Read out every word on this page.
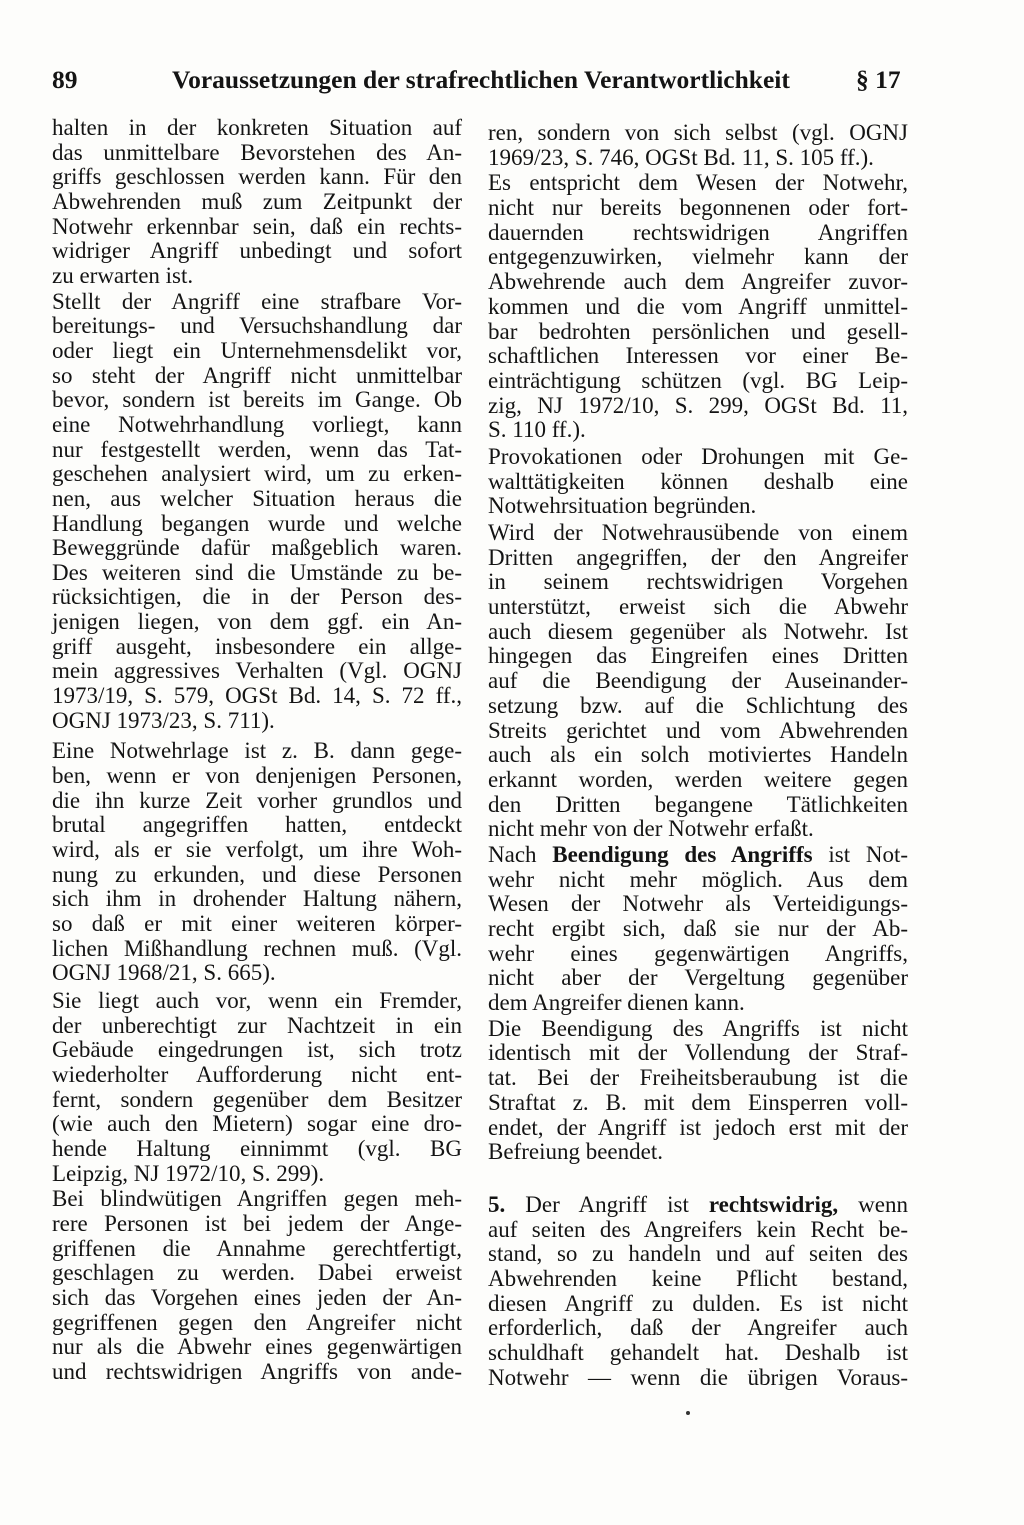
89	Voraussetzungen der strafrechtlichen Verantwortlichkeit	§ 17
halten in der konkreten Situation auf
das unmittelbare Bevorstehen des An-
griffs geschlossen werden kann. Für den
Abwehrenden muß zum Zeitpunkt der
Notwehr erkennbar sein, daß ein rechts-
widriger Angriff unbedingt und sofort
zu erwarten ist.
Stellt der Angriff eine strafbare Vor-
bereitungs- und Versuchshandlung dar
oder liegt ein Unternehmensdelikt vor,
so steht der Angriff nicht unmittelbar
bevor, sondern ist bereits im Gange. Ob
eine Notwehrhandlung vorliegt, kann
nur festgestellt werden, wenn das Tat-
geschehen analysiert wird, um zu erken-
nen, aus welcher Situation heraus die
Handlung begangen wurde und welche
Beweggründe dafür maßgeblich waren.
Des weiteren sind die Umstände zu be-
rücksichtigen, die in der Person des-
jenigen liegen, von dem ggf. ein An-
griff ausgeht, insbesondere ein allge-
mein aggressives Verhalten (Vgl. OGNJ
1973/19, S. 579, OGSt Bd. 14, S. 72 ff.,
OGNJ 1973/23, S. 711).
Eine Notwehrlage ist z. B. dann gege-
ben, wenn er von denjenigen Personen,
die ihn kurze Zeit vorher grundlos und
brutal angegriffen hatten, entdeckt
wird, als er sie verfolgt, um ihre Woh-
nung zu erkunden, und diese Personen
sich ihm in drohender Haltung nähern,
so daß er mit einer weiteren körper-
lichen Mißhandlung rechnen muß. (Vgl.
OGNJ 1968/21, S. 665).
Sie liegt auch vor, wenn ein Fremder,
der unberechtigt zur Nachtzeit in ein
Gebäude eingedrungen ist, sich trotz
wiederholter Aufforderung nicht ent-
fernt, sondern gegenüber dem Besitzer
(wie auch den Mietern) sogar eine dro-
hende Haltung einnimmt (vgl. BG
Leipzig, NJ 1972/10, S. 299).
Bei blindwütigen Angriffen gegen meh-
rere Personen ist bei jedem der Ange-
griffenen die Annahme gerechtfertigt,
geschlagen zu werden. Dabei erweist
sich das Vorgehen eines jeden der An-
gegriffenen gegen den Angreifer nicht
nur als die Abwehr eines gegenwärtigen
und rechtswidrigen Angriffs von ande-
ren, sondern von sich selbst (vgl. OGNJ
1969/23, S. 746, OGSt Bd. 11, S. 105 ff.).
Es entspricht dem Wesen der Notwehr,
nicht nur bereits begonnenen oder fort-
dauernden rechtswidrigen Angriffen
entgegenzuwirken, vielmehr kann der
Abwehrende auch dem Angreifer zuvor-
kommen und die vom Angriff unmittel-
bar bedrohten persönlichen und gesell-
schaftlichen Interessen vor einer Be-
einträchtigung schützen (vgl. BG Leip-
zig, NJ 1972/10, S. 299, OGSt Bd. 11,
S. 110 ff.).
Provokationen oder Drohungen mit Ge-
walttätigkeiten können deshalb eine
Notwehrsituation begründen.
Wird der Notwehrausübende von einem
Dritten angegriffen, der den Angreifer
in seinem rechtswidrigen Vorgehen
unterstützt, erweist sich die Abwehr
auch diesem gegenüber als Notwehr. Ist
hingegen das Eingreifen eines Dritten
auf die Beendigung der Auseinander-
setzung bzw. auf die Schlichtung des
Streits gerichtet und vom Abwehrenden
auch als ein solch motiviertes Handeln
erkannt worden, werden weitere gegen
den Dritten begangene Tätlichkeiten
nicht mehr von der Notwehr erfaßt.
Nach Beendigung des Angriffs ist Not-
wehr nicht mehr möglich. Aus dem
Wesen der Notwehr als Verteidigungs-
recht ergibt sich, daß sie nur der Ab-
wehr eines gegenwärtigen Angriffs,
nicht aber der Vergeltung gegenüber
dem Angreifer dienen kann.
Die Beendigung des Angriffs ist nicht
identisch mit der Vollendung der Straf-
tat. Bei der Freiheitsberaubung ist die
Straftat z. B. mit dem Einsperren voll-
endet, der Angriff ist jedoch erst mit der
Befreiung beendet.
5. Der Angriff ist rechtswidrig, wenn
auf seiten des Angreifers kein Recht be-
stand, so zu handeln und auf seiten des
Abwehrenden keine Pflicht bestand,
diesen Angriff zu dulden. Es ist nicht
erforderlich, daß der Angreifer auch
schuldhaft gehandelt hat. Deshalb ist
Notwehr — wenn die übrigen Voraus-
